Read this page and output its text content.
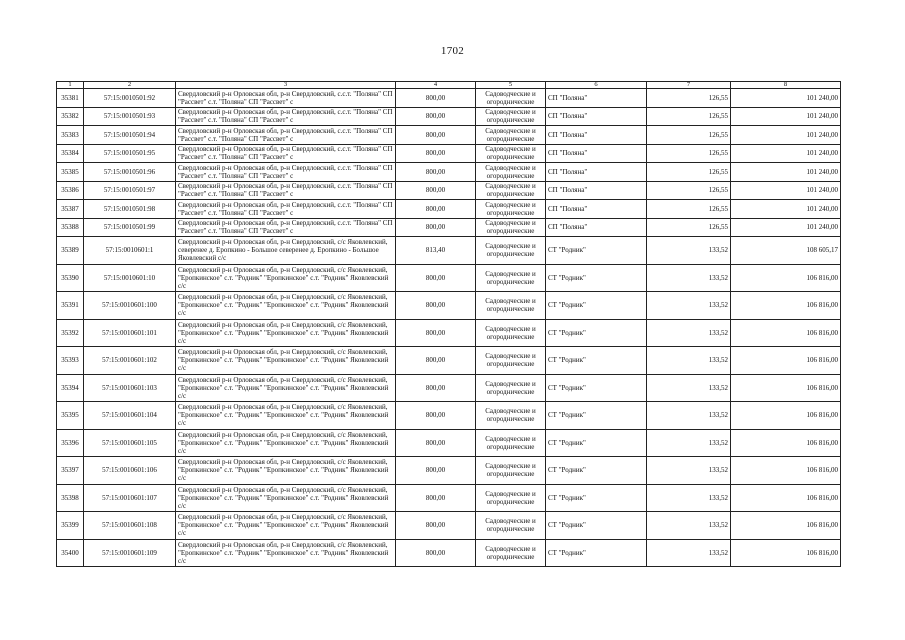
1702
1	2	3	4	5	6	7	8
35381	57:15:0010501:92	Свердловский р-н Орловская обл, р-н Свердловский, с.с.т. "Поляна" СП "Рассвет" с.т. "Поляна" СП "Рассвет" с	800,00	Садоводческие и огороднические	СП "Поляна"	126,55	101 240,00
35382	57:15:0010501:93	Свердловский р-н Орловская обл, р-н Свердловский, с.с.т. "Поляна" СП "Рассвет" с.т. "Поляна" СП "Рассвет" с	800,00	Садоводческие и огороднические	СП "Поляна"	126,55	101 240,00
35383	57:15:0010501:94	Свердловский р-н Орловская обл, р-н Свердловский, с.с.т. "Поляна" СП "Рассвет" с.т. "Поляна" СП "Рассвет" с	800,00	Садоводческие и огороднические	СП "Поляна"	126,55	101 240,00
35384	57:15:0010501:95	Свердловский р-н Орловская обл, р-н Свердловский, с.с.т. "Поляна" СП "Рассвет" с.т. "Поляна" СП "Рассвет" с	800,00	Садоводческие и огороднические	СП "Поляна"	126,55	101 240,00
35385	57:15:0010501:96	Свердловский р-н Орловская обл, р-н Свердловский, с.с.т. "Поляна" СП "Рассвет" с.т. "Поляна" СП "Рассвет" с	800,00	Садоводческие и огороднические	СП "Поляна"	126,55	101 240,00
35386	57:15:0010501:97	Свердловский р-н Орловская обл, р-н Свердловский, с.с.т. "Поляна" СП "Рассвет" с.т. "Поляна" СП "Рассвет" с	800,00	Садоводческие и огороднические	СП "Поляна"	126,55	101 240,00
35387	57:15:0010501:98	Свердловский р-н Орловская обл, р-н Свердловский, с.с.т. "Поляна" СП "Рассвет" с.т. "Поляна" СП "Рассвет" с	800,00	Садоводческие и огороднические	СП "Поляна"	126,55	101 240,00
35388	57:15:0010501:99	Свердловский р-н Орловская обл, р-н Свердловский, с.с.т. "Поляна" СП "Рассвет" с.т. "Поляна" СП "Рассвет" с	800,00	Садоводческие и огороднические	СП "Поляна"	126,55	101 240,00
35389	57:15:0010601:1	Свердловский р-н Орловская обл, р-н Свердловский, с/с Яковлевский, северенее д. Еропкино - Большое северенее д. Еропкино - Большое Яковлевский с/с	813,40	Садоводческие и огороднические	СТ "Родник"	133,52	108 605,17
35390	57:15:0010601:10	Свердловский р-н Орловская обл, р-н Свердловский, с/с Яковлевский, "Еропкинское" с.т. "Родник" "Еропкинское" с.т. "Родник" Яковлевский с/с	800,00	Садоводческие и огороднические	СТ "Родник"	133,52	106 816,00
35391	57:15:0010601:100	Свердловский р-н Орловская обл, р-н Свердловский, с/с Яковлевский, "Еропкинское" с.т. "Родник" "Еропкинское" с.т. "Родник" Яковлевский с/с	800,00	Садоводческие и огороднические	СТ "Родник"	133,52	106 816,00
35392	57:15:0010601:101	Свердловский р-н Орловская обл, р-н Свердловский, с/с Яковлевский, "Еропкинское" с.т. "Родник" "Еропкинское" с.т. "Родник" Яковлевский с/с	800,00	Садоводческие и огороднические	СТ "Родник"	133,52	106 816,00
35393	57:15:0010601:102	Свердловский р-н Орловская обл, р-н Свердловский, с/с Яковлевский, "Еропкинское" с.т. "Родник" "Еропкинское" с.т. "Родник" Яковлевский с/с	800,00	Садоводческие и огороднические	СТ "Родник"	133,52	106 816,00
35394	57:15:0010601:103	Свердловский р-н Орловская обл, р-н Свердловский, с/с Яковлевский, "Еропкинское" с.т. "Родник" "Еропкинское" с.т. "Родник" Яковлевский с/с	800,00	Садоводческие и огороднические	СТ "Родник"	133,52	106 816,00
35395	57:15:0010601:104	Свердловский р-н Орловская обл, р-н Свердловский, с/с Яковлевский, "Еропкинское" с.т. "Родник" "Еропкинское" с.т. "Родник" Яковлевский с/с	800,00	Садоводческие и огороднические	СТ "Родник"	133,52	106 816,00
35396	57:15:0010601:105	Свердловский р-н Орловская обл, р-н Свердловский, с/с Яковлевский, "Еропкинское" с.т. "Родник" "Еропкинское" с.т. "Родник" Яковлевский с/с	800,00	Садоводческие и огороднические	СТ "Родник"	133,52	106 816,00
35397	57:15:0010601:106	Свердловский р-н Орловская обл, р-н Свердловский, с/с Яковлевский, "Еропкинское" с.т. "Родник" "Еропкинское" с.т. "Родник" Яковлевский с/с	800,00	Садоводческие и огороднические	СТ "Родник"	133,52	106 816,00
35398	57:15:0010601:107	Свердловский р-н Орловская обл, р-н Свердловский, с/с Яковлевский, "Еропкинское" с.т. "Родник" "Еропкинское" с.т. "Родник" Яковлевский с/с	800,00	Садоводческие и огороднические	СТ "Родник"	133,52	106 816,00
35399	57:15:0010601:108	Свердловский р-н Орловская обл, р-н Свердловский, с/с Яковлевский, "Еропкинское" с.т. "Родник" "Еропкинское" с.т. "Родник" Яковлевский с/с	800,00	Садоводческие и огороднические	СТ "Родник"	133,52	106 816,00
35400	57:15:0010601:109	Свердловский р-н Орловская обл, р-н Свердловский, с/с Яковлевский, "Еропкинское" с.т. "Родник" "Еропкинское" с.т. "Родник" Яковлевский с/с	800,00	Садоводческие и огороднические	СТ "Родник"	133,52	106 816,00
